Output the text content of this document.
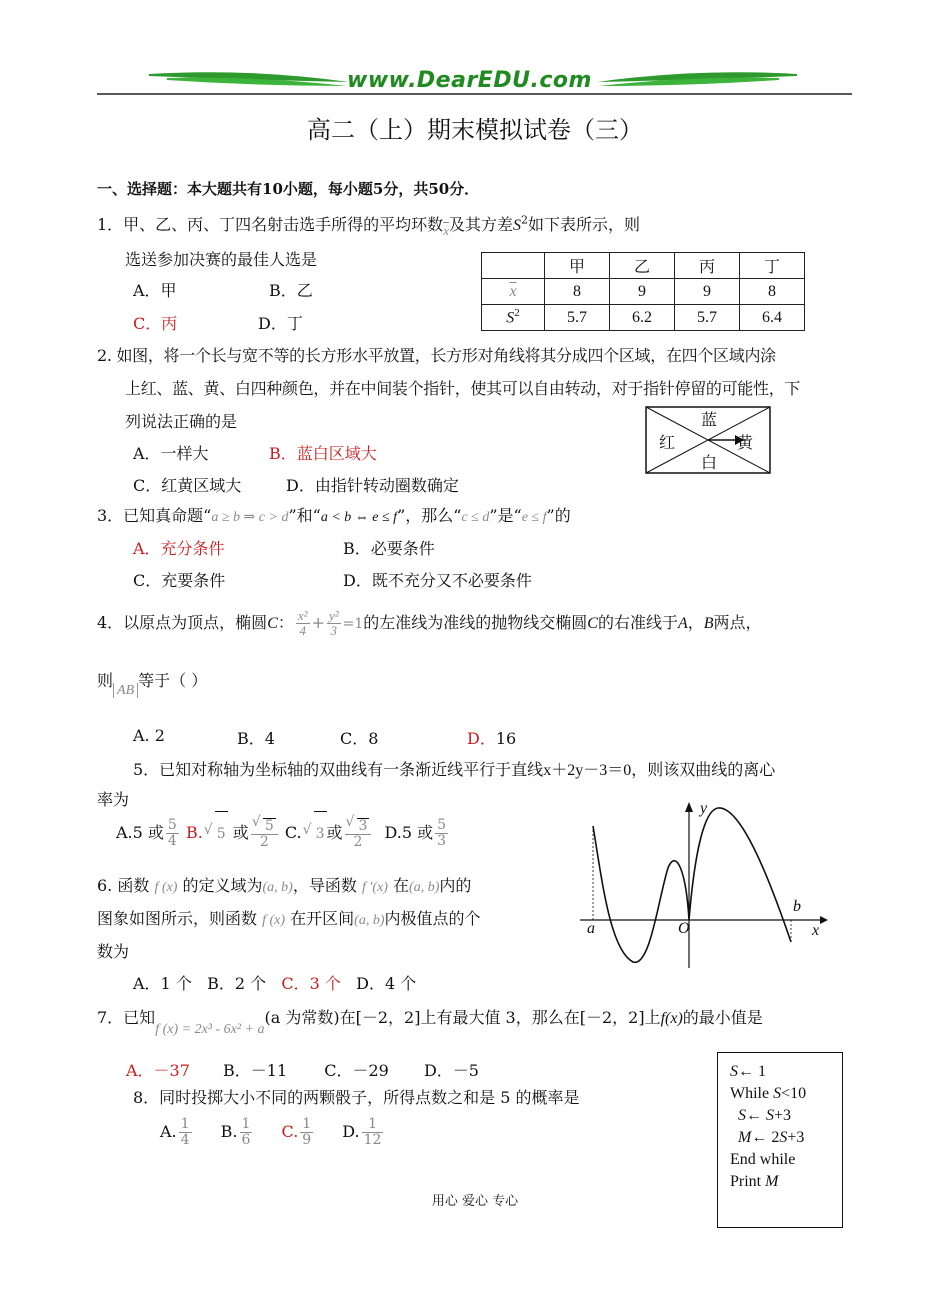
www.DearEDU.com
高二（上）期末模拟试卷（三）
一、选择题：本大题共有10小题，每小题5分，共50分．
1．甲、乙、丙、丁四名射击选手所得的平均环数$_{\overline{x}}$及其方差$S^2$如下表所示，则
选送参加决赛的最佳人选是
A．甲	B．乙
C．丙	D．丁
	甲	乙	丙	丁
$\overline{x}$	8	9	9	8
$S^2$	5.7	6.2	5.7	6.4
2. 如图，将一个长与宽不等的长方形水平放置，长方形对角线将其分成四个区域，在四个区域内涂
上红、蓝、黄、白四种颜色，并在中间装个指针，使其可以自由转动，对于指针停留的可能性，下
列说法正确的是
A．一样大	B．蓝白区域大
C．红黄区域大	D．由指针转动圈数确定
蓝
红	黄
白
3．已知真命题“a ≥ b ⇒ c > d”和“a < b ⇔ e ≤ f”，那么“c ≤ d”是“e ≤ f”的
A．充分条件	B．必要条件
C．充要条件	D．既不充分又不必要条件
4．以原点为顶点，椭圆C： $\frac{\text{x²}}{4} + \frac{\text{y²}}{3} =1$的左准线为准线的抛物线交椭圆C的右准线于A，B两点，
则AB等于（ ）
A. 2	B．4	C．8	D．16
5．已知对称轴为坐标轴的双曲线有一条渐近线平行于直线x＋2y－3＝0，则该双曲线的离心
率为
A.5 或 $\frac{5}{4} B$. √ 5 或 √ $\frac{5}{2} C$. √ 3 或 √ $\frac{3}{2} D.5$ 或 $\frac{5}{3}$
6. 函数 f (x) 的定义域为(a, b)，导函数 f ′(x) 在(a, b)内的
图象如图所示，则函数 f (x) 在开区间(a, b)内极值点的个
数为
A．1 个 B．2 个 C．3 个 D．4 个
y
x
a
b
O
7．已知f (x) = 2x³ - 6x² + a(a 为常数)在[－2，2]上有最大值 3，那么在[－2，2]上f(x)的最小值是
A．－37 B．－11 C．－29 D．－5
8．同时投掷大小不同的两颗骰子，所得点数之和是 5 的概率是
A. $\frac{1}{4} B$. $\frac{1}{6} C$. $\frac{1}{9} D$. $\frac{1}{12}$
S← 1
While S<10
S← S+3
M← 2S+3
End while
Print M
用心 爱心 专心
